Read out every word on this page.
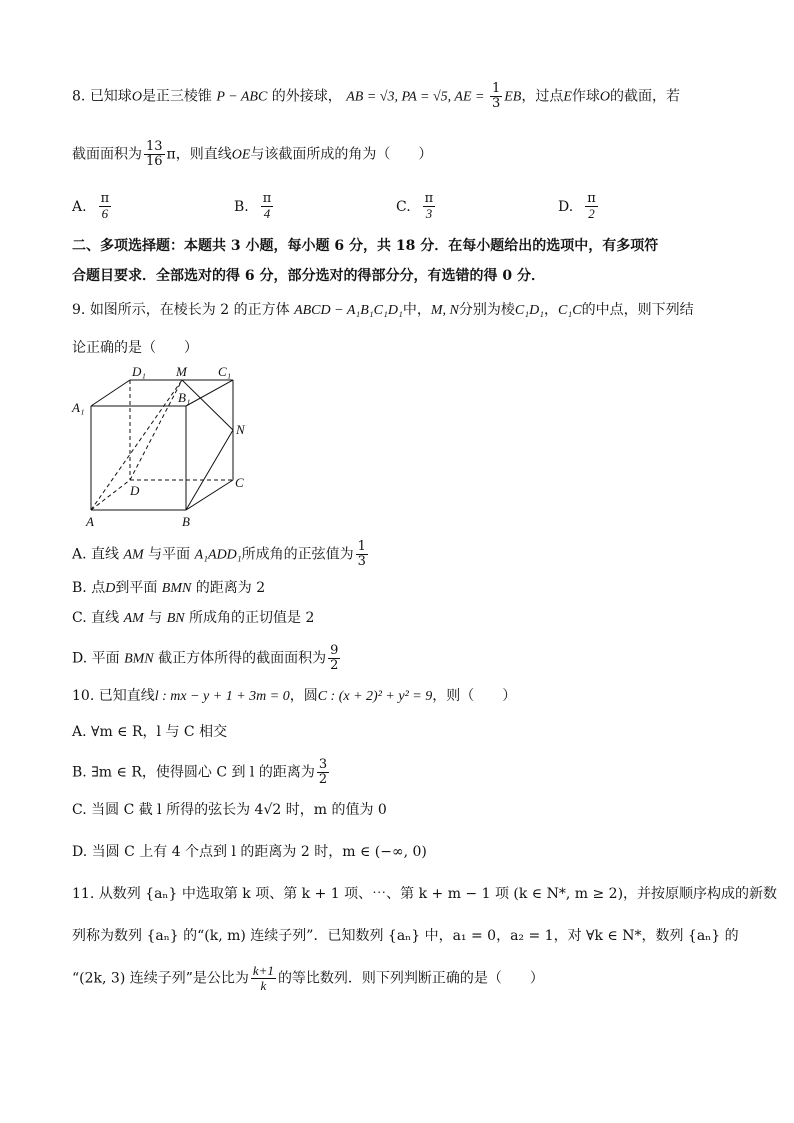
8. 已知球O是正三棱锥 P − ABC 的外接球， AB = √3, PA = √5, AE = $\frac{1}{3}$ EB，过点E作球O的截面，若
截面面积为 $\frac{13}{16}$ π，则直线OE与该截面所成的角为（　　）
A. $\frac{\pi}{6}$	B. $\frac{\pi}{4}$	C. $\frac{\pi}{3}$	D. $\frac{\pi}{2}$
二、多项选择题：本题共 3 小题，每小题 6 分，共 18 分．在每小题给出的选项中，有多项符
合题目要求．全部选对的得 6 分，部分选对的得部分分，有选错的得 0 分．
9. 如图所示，在棱长为 2 的正方体 ABCD − A₁B₁C₁D₁中，M, N分别为棱C₁D₁，C₁C的中点，则下列结
论正确的是（　　）
D₁ M C₁
A₁
B₁
N
D
C
A	B
A. 直线 AM 与平面 A₁ADD₁所成角的正弦值为 $\frac{1}{3}$
B. 点D到平面 BMN 的距离为 2
C. 直线 AM 与 BN 所成角的正切值是 2
D. 平面 BMN 截正方体所得的截面面积为 $\frac{9}{2}$
10. 已知直线l : mx − y + 1 + 3m = 0，圆C : (x + 2)² + y² = 9，则（　　）
A. ∀m ∈ R，l 与 C 相交
B. ∃m ∈ R，使得圆心 C 到 l 的距离为 $\frac{3}{2}$
C. 当圆 C 截 l 所得的弦长为 4√2 时，m 的值为 0
D. 当圆 C 上有 4 个点到 l 的距离为 2 时，m ∈ (−∞, 0)
11. 从数列 {aₙ} 中选取第 k 项、第 k + 1 项、⋯、第 k + m − 1 项 (k ∈ N*, m ≥ 2)，并按原顺序构成的新数
列称为数列 {aₙ} 的“(k, m) 连续子列”．已知数列 {aₙ} 中，a₁ = 0，a₂ = 1，对 ∀k ∈ N*，数列 {aₙ} 的
“(2k, 3) 连续子列”是公比为 $\frac{k+1}{k}$ 的等比数列．则下列判断正确的是（　　）
